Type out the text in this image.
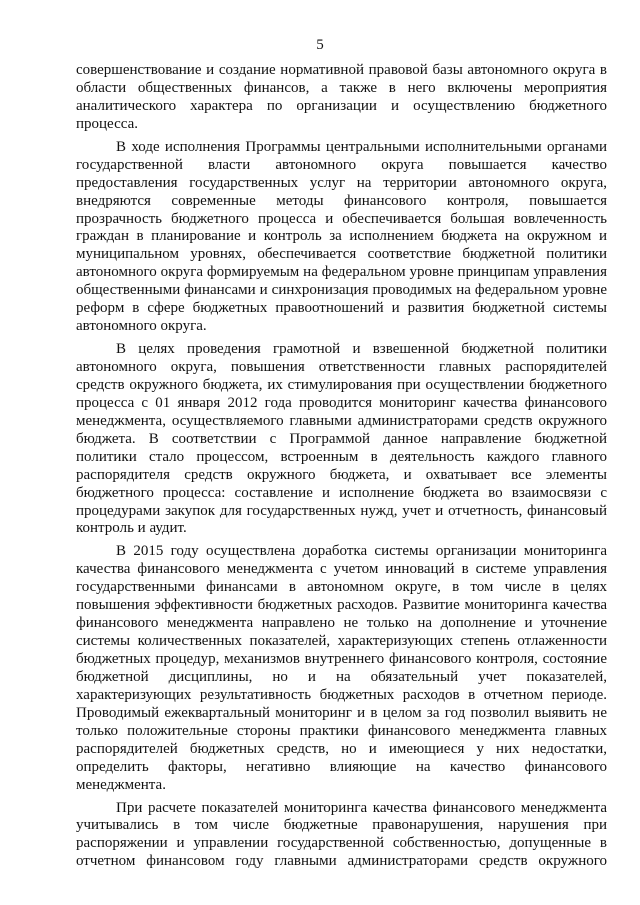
5
совершенствование и создание нормативной правовой базы автономного округа в
области общественных финансов, а также в него включены мероприятия
аналитического характера по организации и осуществлению бюджетного
процесса.
В ходе исполнения Программы центральными исполнительными органами
государственной власти автономного округа повышается качество
предоставления государственных услуг на территории автономного округа,
внедряются современные методы финансового контроля, повышается
прозрачность бюджетного процесса и обеспечивается большая вовлеченность
граждан в планирование и контроль за исполнением бюджета на окружном и
муниципальном уровнях, обеспечивается соответствие бюджетной политики
автономного округа формируемым на федеральном уровне принципам управления
общественными финансами и синхронизация проводимых на федеральном уровне
реформ в сфере бюджетных правоотношений и развития бюджетной системы
автономного округа.
В целях проведения грамотной и взвешенной бюджетной политики
автономного округа, повышения ответственности главных распорядителей
средств окружного бюджета, их стимулирования при осуществлении бюджетного
процесса с 01 января 2012 года проводится мониторинг качества финансового
менеджмента, осуществляемого главными администраторами средств окружного
бюджета. В соответствии с Программой данное направление бюджетной
политики стало процессом, встроенным в деятельность каждого главного
распорядителя средств окружного бюджета, и охватывает все элементы
бюджетного процесса: составление и исполнение бюджета во взаимосвязи с
процедурами закупок для государственных нужд, учет и отчетность, финансовый
контроль и аудит.
В 2015 году осуществлена доработка системы организации мониторинга
качества финансового менеджмента с учетом инноваций в системе управления
государственными финансами в автономном округе, в том числе в целях
повышения эффективности бюджетных расходов. Развитие мониторинга качества
финансового менеджмента направлено не только на дополнение и уточнение
системы количественных показателей, характеризующих степень отлаженности
бюджетных процедур, механизмов внутреннего финансового контроля, состояние
бюджетной дисциплины, но и на обязательный учет показателей,
характеризующих результативность бюджетных расходов в отчетном периоде.
Проводимый ежеквартальный мониторинг и в целом за год позволил выявить не
только положительные стороны практики финансового менеджмента главных
распорядителей бюджетных средств, но и имеющиеся у них недостатки,
определить факторы, негативно влияющие на качество финансового
менеджмента.
При расчете показателей мониторинга качества финансового менеджмента
учитывались в том числе бюджетные правонарушения, нарушения при
распоряжении и управлении государственной собственностью, допущенные в
отчетном финансовом году главными администраторами средств окружного
